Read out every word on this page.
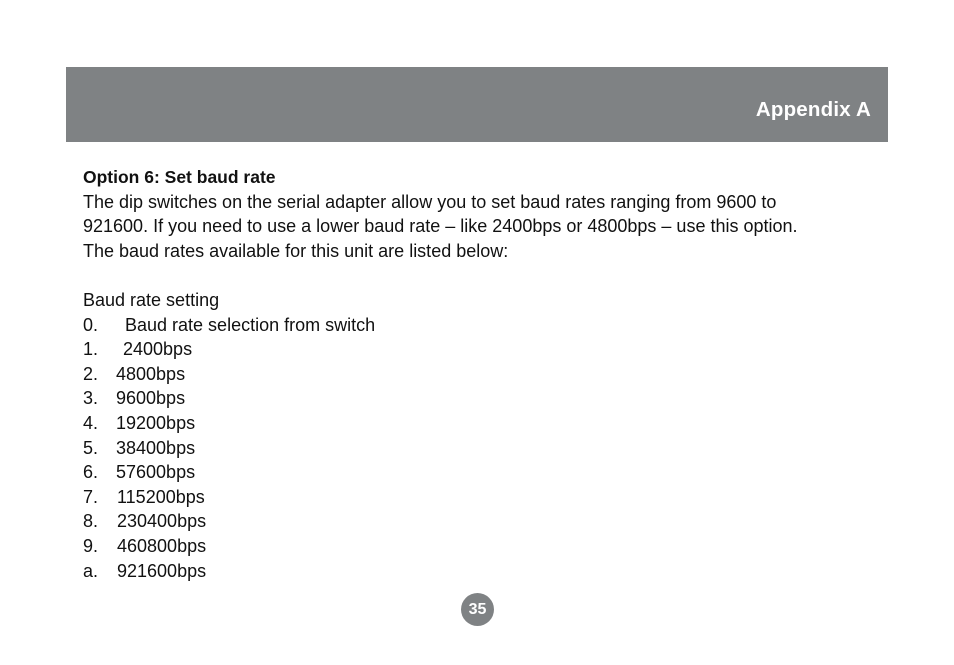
Appendix A
Option 6: Set baud rate

The dip switches on the serial adapter allow you to set baud rates ranging from 9600 to
921600. If you need to use a lower baud rate – like 2400bps or 4800bps – use this option.
The baud rates available for this unit are listed below:

Baud rate setting
0.	Baud rate selection from switch
1.	2400bps
2. 4800bps
3. 9600bps
4. 19200bps
5. 38400bps
6. 57600bps
7.	115200bps
8.	230400bps
9.	460800bps
a.	921600bps
35
